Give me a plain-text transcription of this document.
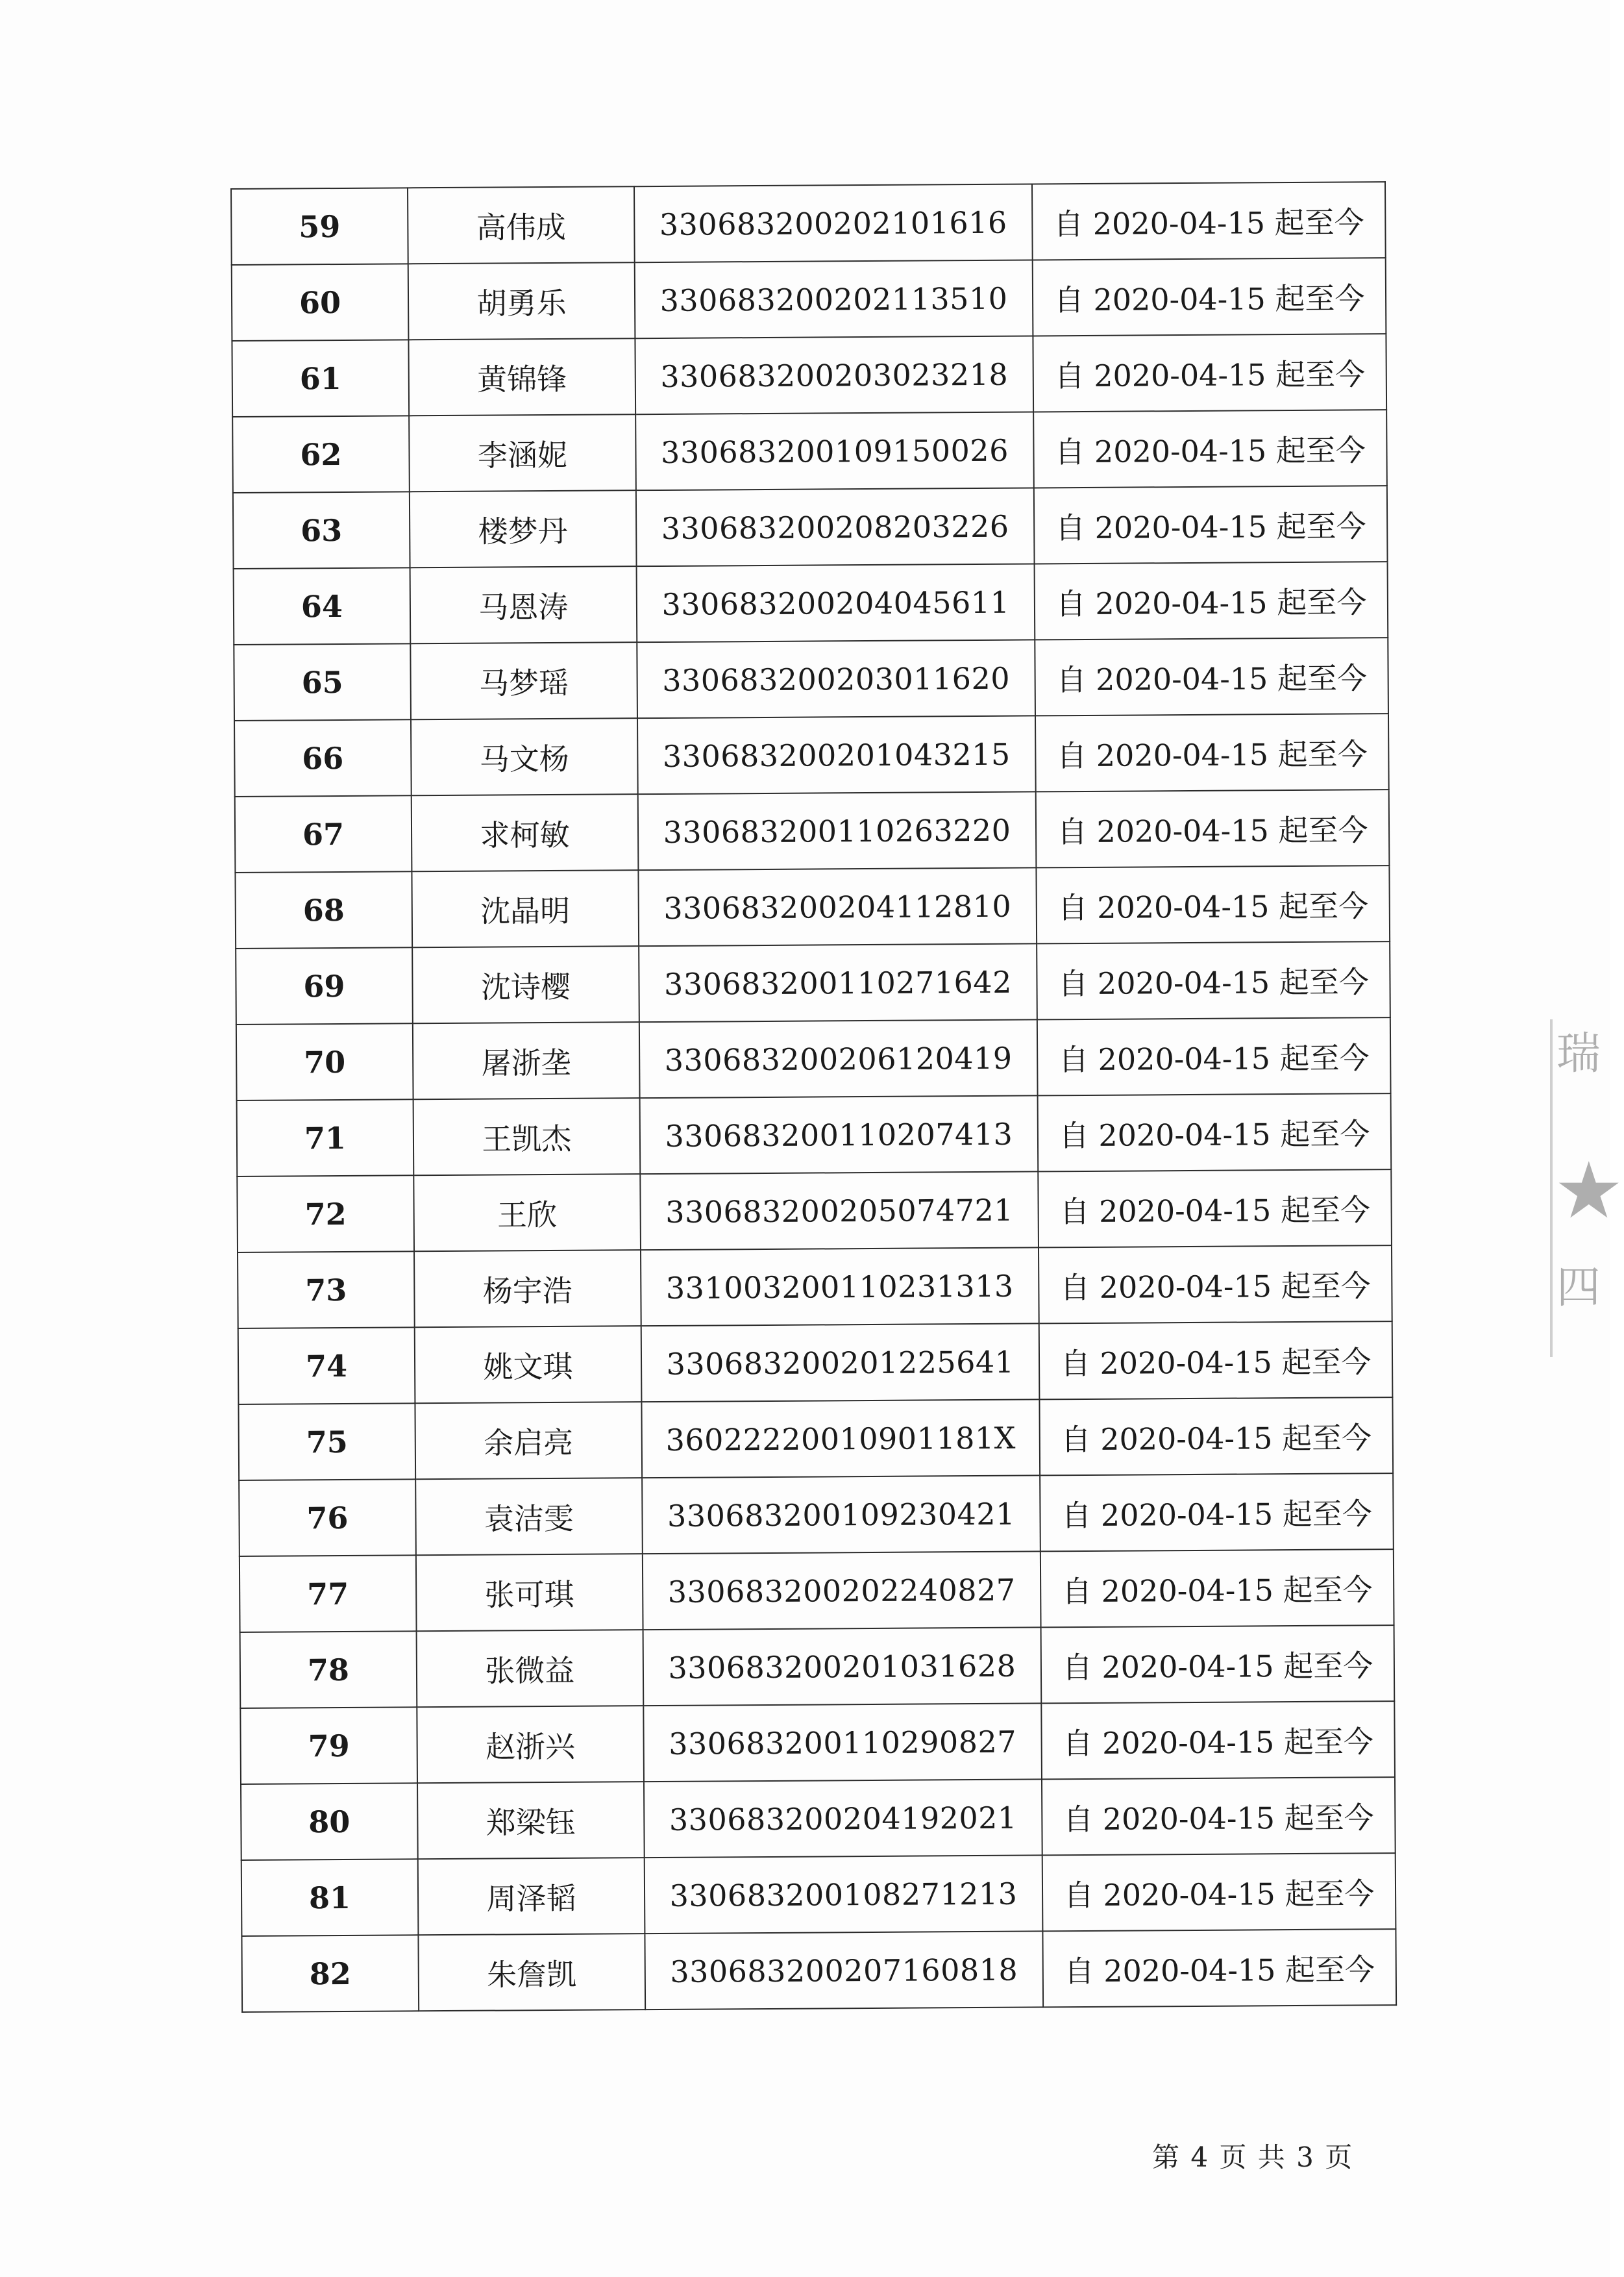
59	高伟成	330683200202101616	自 2020-04-15 起至今
60	胡勇乐	330683200202113510	自 2020-04-15 起至今
61	黄锦锋	330683200203023218	自 2020-04-15 起至今
62	李涵妮	330683200109150026	自 2020-04-15 起至今
63	楼梦丹	330683200208203226	自 2020-04-15 起至今
64	马恩涛	330683200204045611	自 2020-04-15 起至今
65	马梦瑶	330683200203011620	自 2020-04-15 起至今
66	马文杨	330683200201043215	自 2020-04-15 起至今
67	求柯敏	330683200110263220	自 2020-04-15 起至今
68	沈晶明	330683200204112810	自 2020-04-15 起至今
69	沈诗樱	330683200110271642	自 2020-04-15 起至今
70	屠浙垄	330683200206120419	自 2020-04-15 起至今
71	王凯杰	330683200110207413	自 2020-04-15 起至今
72	王欣	330683200205074721	自 2020-04-15 起至今
73	杨宇浩	331003200110231313	自 2020-04-15 起至今
74	姚文琪	330683200201225641	自 2020-04-15 起至今
75	余启亮	36022220010901181X	自 2020-04-15 起至今
76	袁洁雯	330683200109230421	自 2020-04-15 起至今
77	张可琪	330683200202240827	自 2020-04-15 起至今
78	张微益	330683200201031628	自 2020-04-15 起至今
79	赵浙兴	330683200110290827	自 2020-04-15 起至今
80	郑梁钰	330683200204192021	自 2020-04-15 起至今
81	周泽韬	330683200108271213	自 2020-04-15 起至今
82	朱詹凯	330683200207160818	自 2020-04-15 起至今
第 4 页 共 3 页
瑞
★
四
